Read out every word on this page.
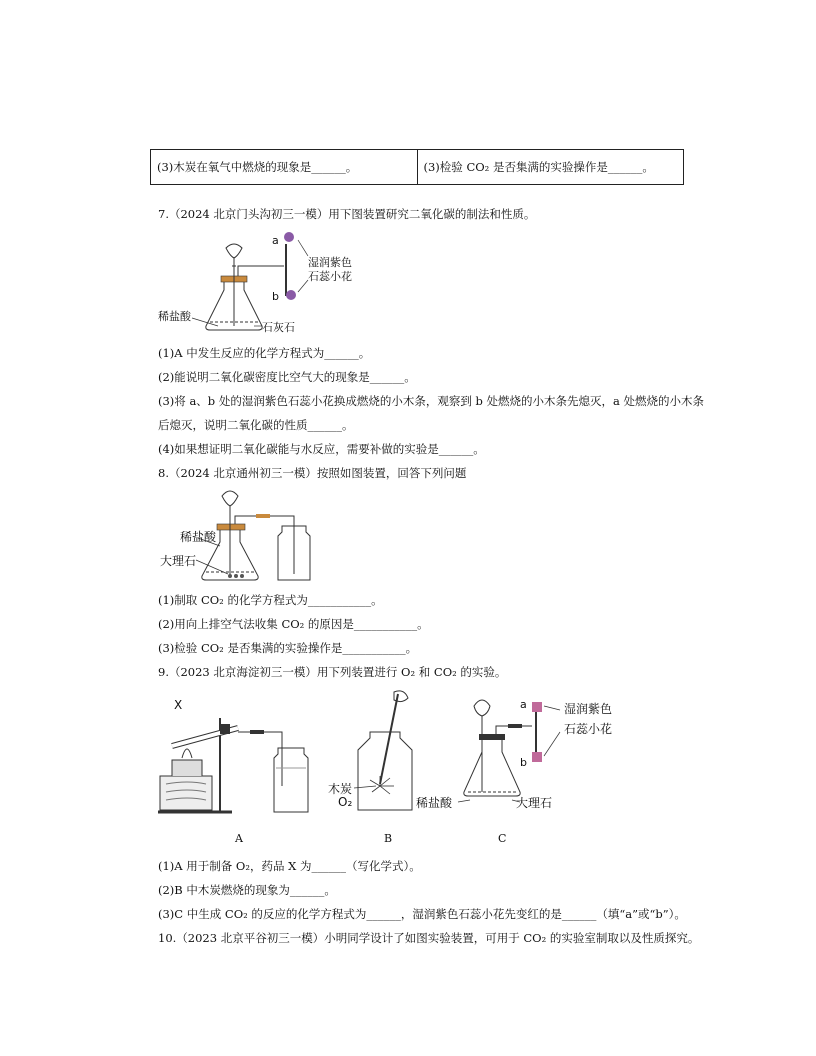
(3)木炭在氧气中燃烧的现象是______。	(3)检验 CO₂ 是否集满的实验操作是______。
7.（2024 北京门头沟初三一模）用下图装置研究二氧化碳的制法和性质。
a
b
湿润紫色
石蕊小花
稀盐酸
石灰石
(1)A 中发生反应的化学方程式为______。
(2)能说明二氧化碳密度比空气大的现象是______。
(3)将 a、b 处的湿润紫色石蕊小花换成燃烧的小木条，观察到 b 处燃烧的小木条先熄灭，a 处燃烧的小木条
后熄灭，说明二氧化碳的性质______。
(4)如果想证明二氧化碳能与水反应，需要补做的实验是______。
8.（2024 北京通州初三一模）按照如图装置，回答下列问题
稀盐酸
大理石
(1)制取 CO₂ 的化学方程式为___________。
(2)用向上排空气法收集 CO₂ 的原因是___________。
(3)检验 CO₂ 是否集满的实验操作是___________。
9.（2023 北京海淀初三一模）用下列装置进行 O₂ 和 CO₂ 的实验。
X
木炭
O₂	稀盐酸	大理石
a
b
湿润紫色
石蕊小花
A	B	C
(1)A 用于制备 O₂，药品 X 为______（写化学式）。
(2)B 中木炭燃烧的现象为______。
(3)C 中生成 CO₂ 的反应的化学方程式为______，湿润紫色石蕊小花先变红的是______（填“a”或“b”）。
10.（2023 北京平谷初三一模）小明同学设计了如图实验装置，可用于 CO₂ 的实验室制取以及性质探究。
